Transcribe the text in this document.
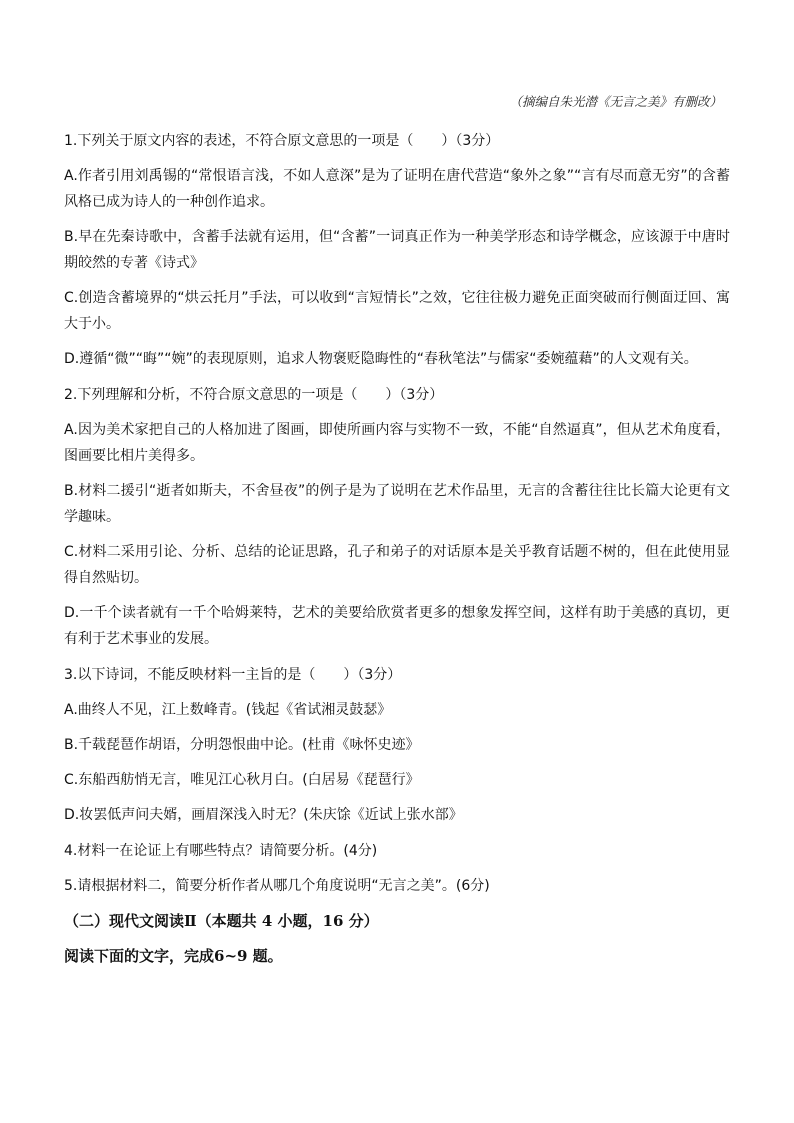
（摘编自朱光潜《无言之美》有删改）

1.下列关于原文内容的表述，不符合原文意思的一项是（　　）（3分）

A.作者引用刘禹锡的“常恨语言浅，不如人意深”是为了证明在唐代营造“象外之象”“言有尽而意无穷”的含蓄风格已成为诗人的一种创作追求。

B.早在先秦诗歌中，含蓄手法就有运用，但“含蓄”一词真正作为一种美学形态和诗学概念，应该源于中唐时期皎然的专著《诗式》

C.创造含蓄境界的“烘云托月”手法，可以收到“言短情长”之效，它往往极力避免正面突破而行侧面迂回、寓大于小。

D.遵循“微”“晦”“婉”的表现原则，追求人物褒贬隐晦性的“春秋笔法”与儒家“委婉蕴藉”的人文观有关。

2.下列理解和分析，不符合原文意思的一项是（　　）（3分）

A.因为美术家把自己的人格加进了图画，即使所画内容与实物不一致，不能“自然逼真”，但从艺术角度看，图画要比相片美得多。

B.材料二援引“逝者如斯夫，不舍昼夜”的例子是为了说明在艺术作品里，无言的含蓄往往比长篇大论更有文学趣味。

C.材料二采用引论、分析、总结的论证思路，孔子和弟子的对话原本是关乎教育话题不树的，但在此使用显得自然贴切。

D.一千个读者就有一千个哈姆莱特，艺术的美要给欣赏者更多的想象发挥空间，这样有助于美感的真切，更有利于艺术事业的发展。

3.以下诗词，不能反映材料一主旨的是（　　）（3分）

A.曲终人不见，江上数峰青。(钱起《省试湘灵鼓瑟》

B.千载琵琶作胡语，分明怨恨曲中论。(杜甫《咏怀史迹》

C.东船西舫悄无言，唯见江心秋月白。(白居易《琵琶行》

D.妆罢低声问夫婿，画眉深浅入时无？(朱庆馀《近试上张水部》

4.材料一在论证上有哪些特点？请简要分析。(4分)

5.请根据材料二，简要分析作者从哪几个角度说明“无言之美”。(6分)

（二）现代文阅读Ⅱ（本题共 4 小题，16 分）

阅读下面的文字，完成6~9 题。
